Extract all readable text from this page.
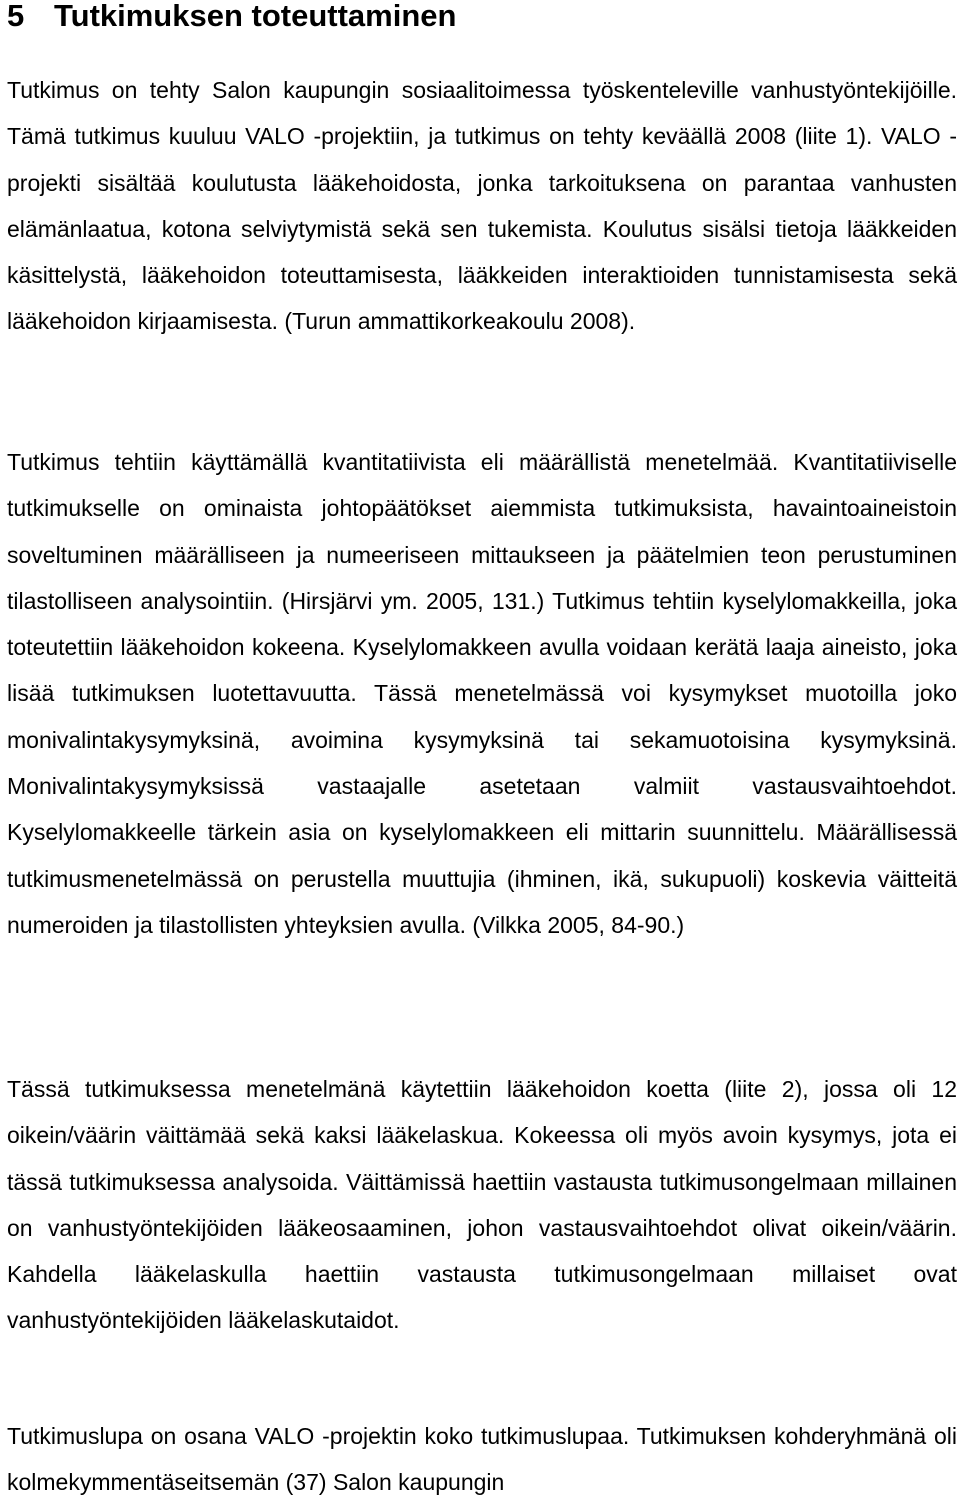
5 Tutkimuksen toteuttaminen

Tutkimus on tehty Salon kaupungin sosiaalitoimessa työskenteleville vanhustyöntekijöille. Tämä tutkimus kuuluu VALO -projektiin, ja tutkimus on tehty keväällä 2008 (liite 1). VALO -projekti sisältää koulutusta lääkehoidosta, jonka tarkoituksena on parantaa vanhusten elämänlaatua, kotona selviytymistä sekä sen tukemista. Koulutus sisälsi tietoja lääkkeiden käsittelystä, lääkehoidon toteuttamisesta, lääkkeiden interaktioiden tunnistamisesta sekä lääkehoidon kirjaamisesta. (Turun ammattikorkeakoulu 2008).

Tutkimus tehtiin käyttämällä kvantitatiivista eli määrällistä menetelmää. Kvantitatiiviselle tutkimukselle on ominaista johtopäätökset aiemmista tutkimuksista, havaintoaineistoin soveltuminen määrälliseen ja numeeriseen mittaukseen ja päätelmien teon perustuminen tilastolliseen analysointiin. (Hirsjärvi ym. 2005, 131.) Tutkimus tehtiin kyselylomakkeilla, joka toteutettiin lääkehoidon kokeena. Kyselylomakkeen avulla voidaan kerätä laaja aineisto, joka lisää tutkimuksen luotettavuutta. Tässä menetelmässä voi kysymykset muotoilla joko monivalintakysymyksinä, avoimina kysymyksinä tai sekamuotoisina kysymyksinä. Monivalintakysymyksissä vastaajalle asetetaan valmiit vastausvaihtoehdot. Kyselylomakkeelle tärkein asia on kyselylomakkeen eli mittarin suunnittelu. Määrällisessä tutkimusmenetelmässä on perustella muuttujia (ihminen, ikä, sukupuoli) koskevia väitteitä numeroiden ja tilastollisten yhteyksien avulla. (Vilkka 2005, 84-90.)

Tässä tutkimuksessa menetelmänä käytettiin lääkehoidon koetta (liite 2), jossa oli 12 oikein/väärin väittämää sekä kaksi lääkelaskua. Kokeessa oli myös avoin kysymys, jota ei tässä tutkimuksessa analysoida. Väittämissä haettiin vastausta tutkimusongelmaan millainen on vanhustyöntekijöiden lääkeosaaminen, johon vastausvaihtoehdot olivat oikein/väärin. Kahdella lääkelaskulla haettiin vastausta tutkimusongelmaan millaiset ovat vanhustyöntekijöiden lääkelaskutaidot.

Tutkimuslupa on osana VALO -projektin koko tutkimuslupaa. Tutkimuksen kohderyhmänä oli kolmekymmentäseitsemän (37) Salon kaupungin
